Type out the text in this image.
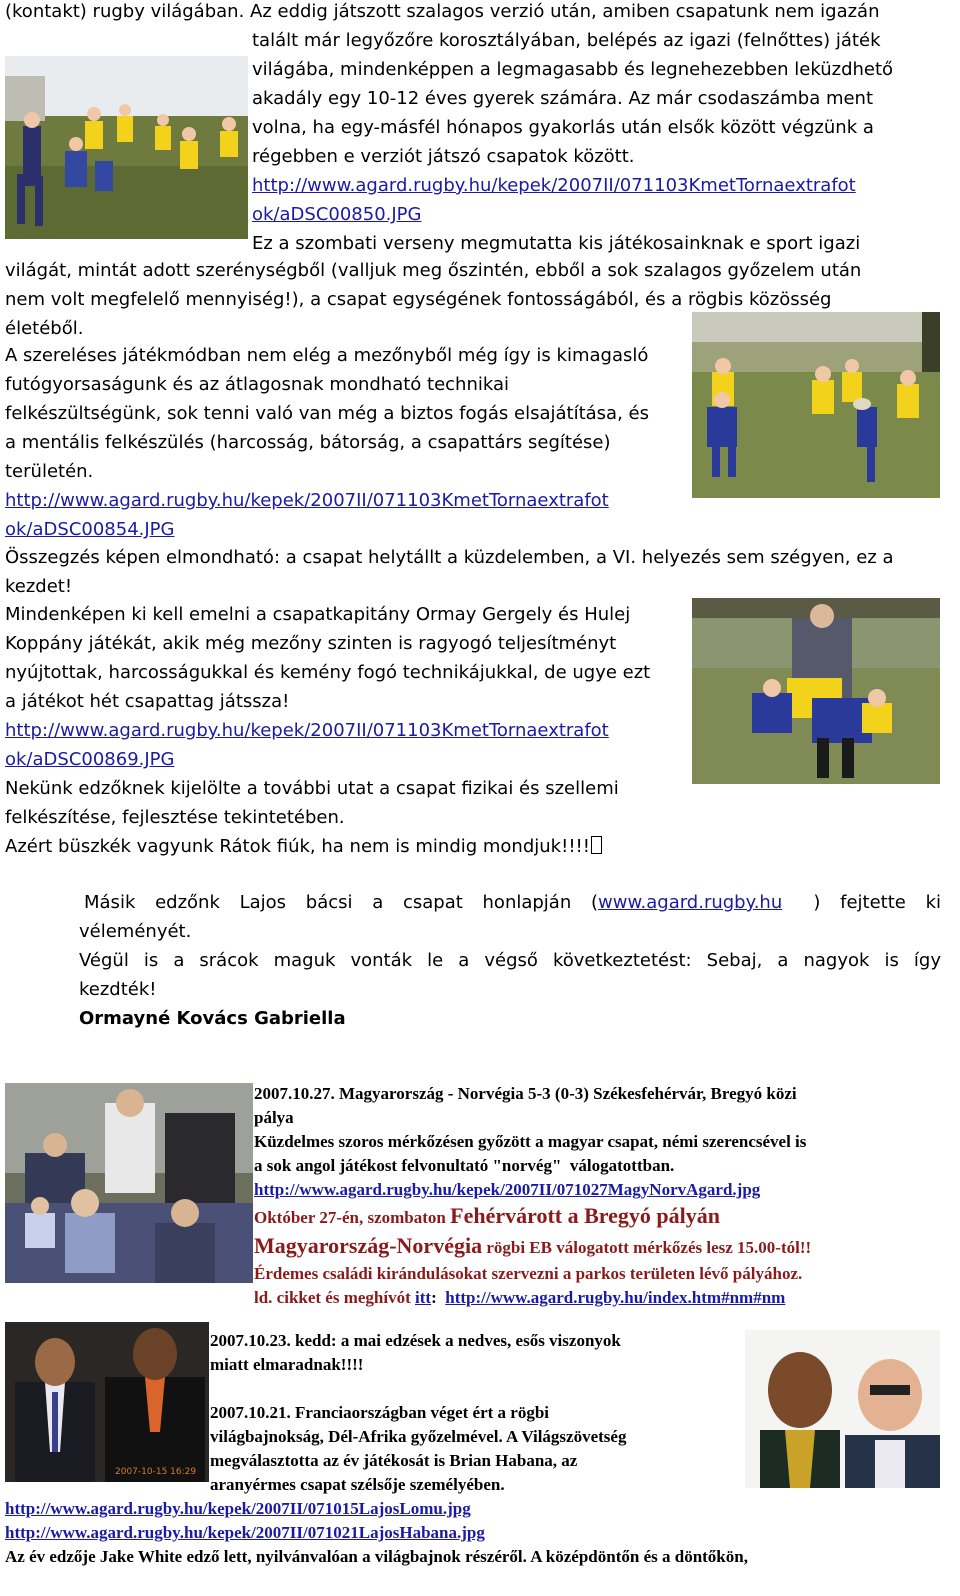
(kontakt) rugby világában. Az eddig játszott szalagos verzió után, amiben csapatunk nem igazán

talált már legyőzőre korosztályában, belépés az igazi (felnőttes) játék

világába, mindenképpen a legmagasabb és legnehezebben leküzdhető

akadály egy 10-12 éves gyerek számára. Az már csodaszámba ment

volna, ha egy-másfél hónapos gyakorlás után elsők között végzünk a

régebben e verziót játszó csapatok között.

http://www.agard.rugby.hu/kepek/2007II/071103KmetTornaextrafot

ok/aDSC00850.JPG

Ez a szombati verseny megmutatta kis játékosainknak e sport igazi

világát, mintát adott szerénységből (valljuk meg őszintén, ebből a sok szalagos győzelem után

nem volt megfelelő mennyiség!), a csapat egységének fontosságából, és a rögbis közösség

életéből.

A szereléses játékmódban nem elég a mezőnyből még így is kimagasló

futógyorsaságunk és az átlagosnak mondható technikai

felkészültségünk, sok tenni való van még a biztos fogás elsajátítása, és

a mentális felkészülés (harcosság, bátorság, a csapattárs segítése)

területén.

http://www.agard.rugby.hu/kepek/2007II/071103KmetTornaextrafot

ok/aDSC00854.JPG

Összegzés képen elmondható: a csapat helytállt a küzdelemben, a VI. helyezés sem szégyen, ez a

kezdet!

Mindenképen ki kell emelni a csapatkapitány Ormay Gergely és Hulej

Koppány játékát, akik még mezőny szinten is ragyogó teljesítményt

nyújtottak, harcosságukkal és kemény fogó technikájukkal, de ugye ezt

a játékot hét csapattag játssza!

http://www.agard.rugby.hu/kepek/2007II/071103KmetTornaextrafot

ok/aDSC00869.JPG

Nekünk edzőknek kijelölte a további utat a csapat fizikai és szellemi

felkészítése, fejlesztése tekintetében.

Azért büszkék vagyunk Rátok fiúk, ha nem is mindig mondjuk!!!!

Másik edzőnk Lajos bácsi a csapat honlapján ( www.agard.rugby.hu	) fejtette ki

véleményét.

Végül is a srácok maguk vonták le a végső következtetést: Sebaj, a nagyok is így

kezdték!

Ormayné Kovács Gabriella

2007.10.27. Magyarország - Norvégia 5-3 (0-3) Székesfehérvár, Bregyó közi

pálya

Küzdelmes szoros mérkőzésen győzött a magyar csapat, némi szerencsével is

a sok angol játékost felvonultató "norvég"  válogatottban.

http://www.agard.rugby.hu/kepek/2007II/071027MagyNorvAgard.jpg

Október 27-én, szombaton Fehérvárott a Bregyó pályán

Magyarország-Norvégia rögbi EB válogatott mérkőzés lesz 15.00-tól!!

Érdemes családi kirándulásokat szervezni a parkos területen lévő pályához.

ld. cikket és meghívót itt:  http://www.agard.rugby.hu/index.htm#nm#nm

2007-10-15 16:29

2007.10.23. kedd: a mai edzések a nedves, esős viszonyok

miatt elmaradnak!!!!

2007.10.21. Franciaországban véget ért a rögbi

világbajnokság, Dél-Afrika győzelmével. A Világszövetség

megválasztotta az év játékosát is Brian Habana, az

aranyérmes csapat szélsője személyében.

http://www.agard.rugby.hu/kepek/2007II/071015LajosLomu.jpg

http://www.agard.rugby.hu/kepek/2007II/071021LajosHabana.jpg

Az év edzője Jake White edző lett, nyilvánvalóan a világbajnok részéről. A középdöntőn és a döntőkön,
